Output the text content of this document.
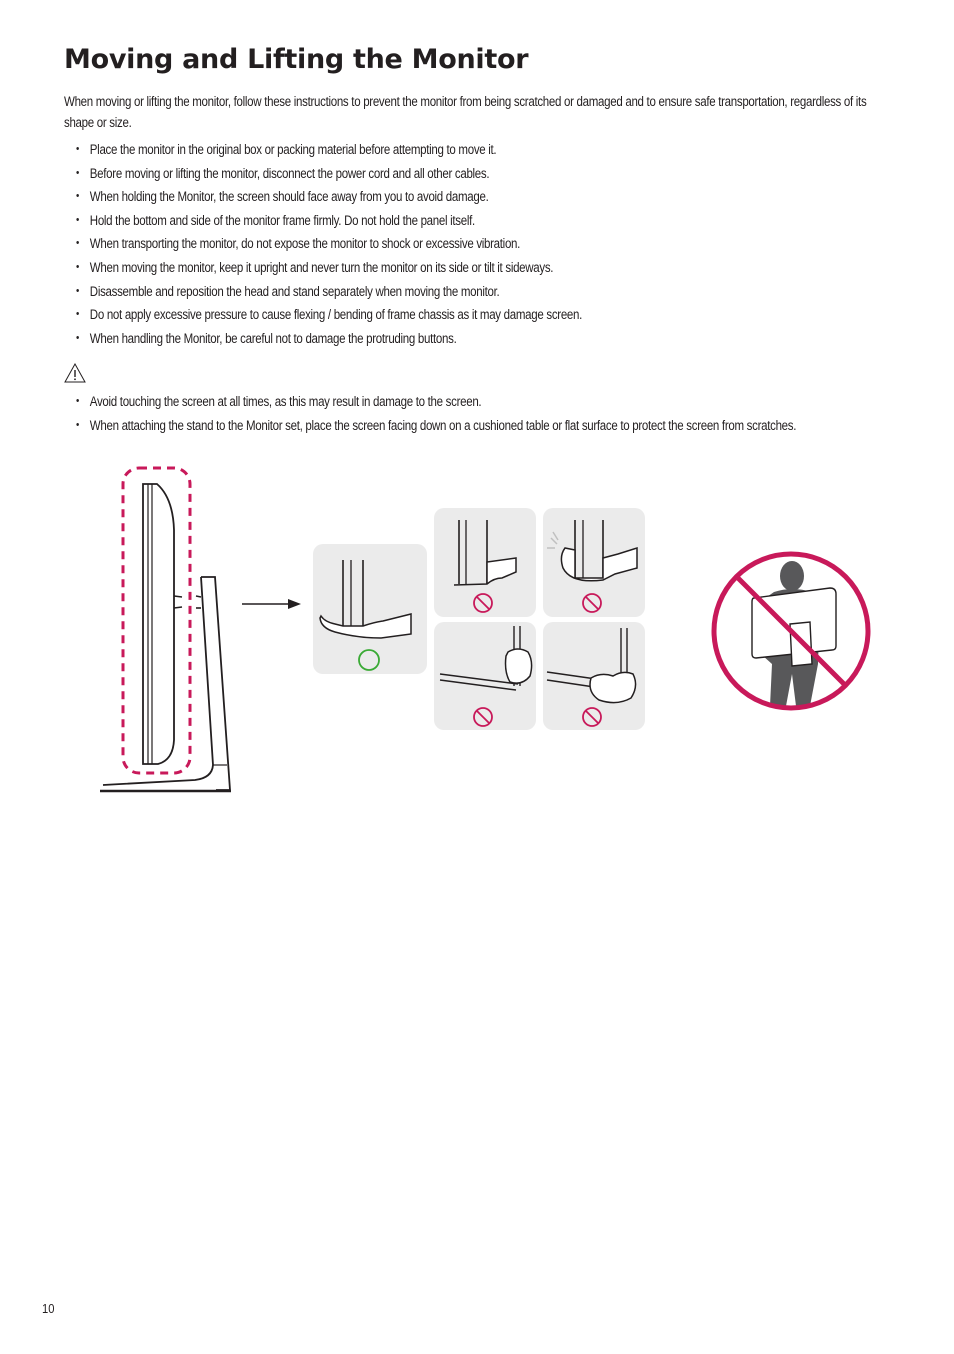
Moving and Lifting the Monitor

When moving or lifting the monitor, follow these instructions to prevent the monitor from being scratched or damaged and to ensure safe transportation, regardless of its shape or size.

• Place the monitor in the original box or packing material before attempting to move it.
• Before moving or lifting the monitor, disconnect the power cord and all other cables.
• When holding the Monitor, the screen should face away from you to avoid damage.
• Hold the bottom and side of the monitor frame firmly. Do not hold the panel itself.
• When transporting the monitor, do not expose the monitor to shock or excessive vibration.
• When moving the monitor, keep it upright and never turn the monitor on its side or tilt it sideways.
• Disassemble and reposition the head and stand separately when moving the monitor.
• Do not apply excessive pressure to cause flexing / bending of frame chassis as it may damage screen.
• When handling the Monitor, be careful not to damage the protruding buttons.
• Avoid touching the screen at all times, as this may result in damage to the screen.
• When attaching the stand to the Monitor set, place the screen facing down on a cushioned table or flat surface to protect the screen from scratches.
10
